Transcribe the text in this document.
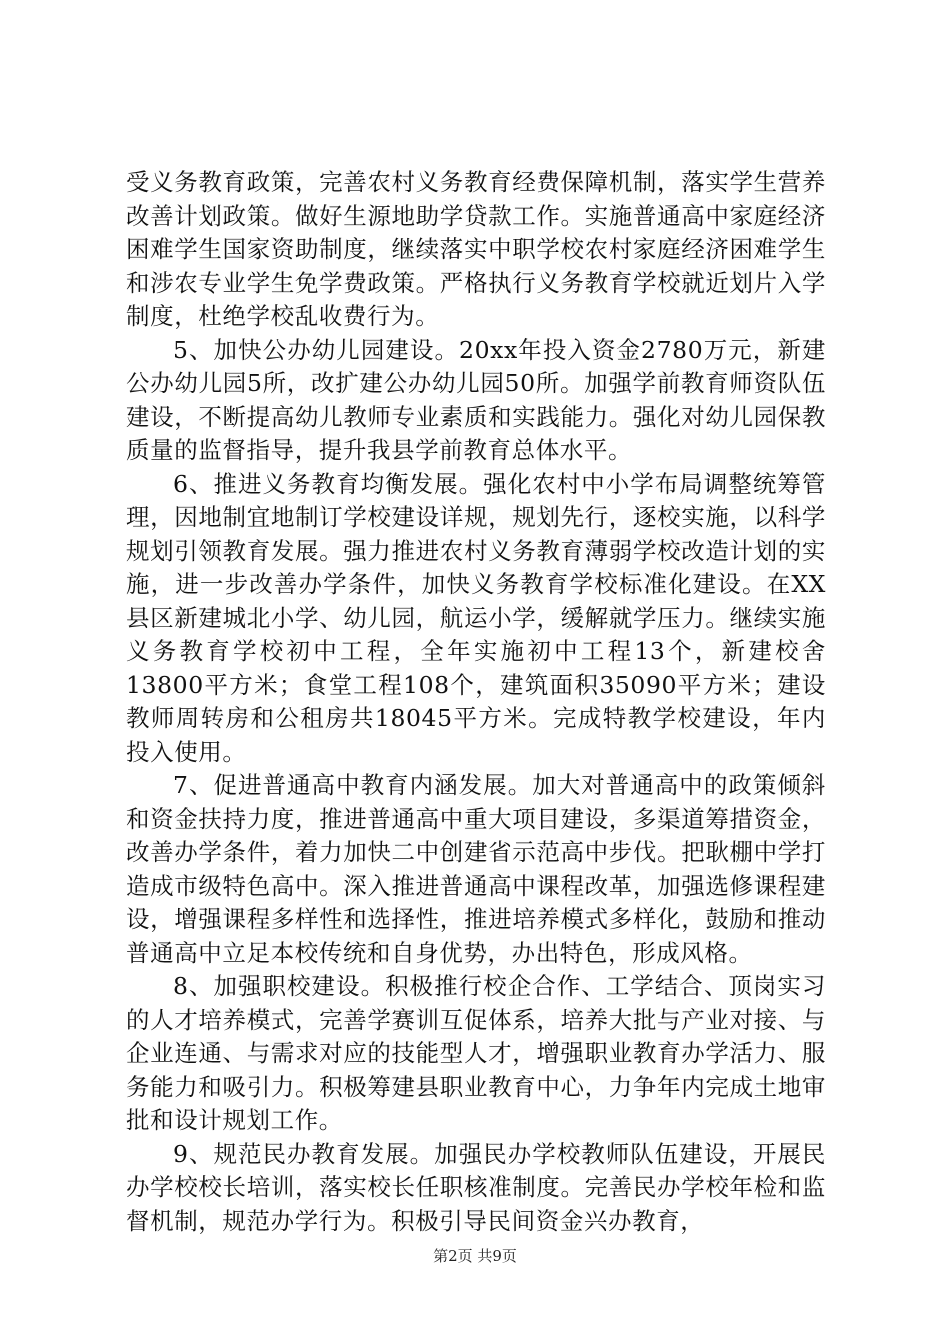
受义务教育政策，完善农村义务教育经费保障机制，落实学生营养改善计划政策。做好生源地助学贷款工作。实施普通高中家庭经济困难学生国家资助制度，继续落实中职学校农村家庭经济困难学生和涉农专业学生免学费政策。严格执行义务教育学校就近划片入学制度，杜绝学校乱收费行为。

5、加快公办幼儿园建设。20xx年投入资金2780万元，新建公办幼儿园5所，改扩建公办幼儿园50所。加强学前教育师资队伍建设，不断提高幼儿教师专业素质和实践能力。强化对幼儿园保教质量的监督指导，提升我县学前教育总体水平。

6、推进义务教育均衡发展。强化农村中小学布局调整统筹管理，因地制宜地制订学校建设详规，规划先行，逐校实施，以科学规划引领教育发展。强力推进农村义务教育薄弱学校改造计划的实施，进一步改善办学条件，加快义务教育学校标准化建设。在XX县区新建城北小学、幼儿园，航运小学，缓解就学压力。继续实施义务教育学校初中工程，全年实施初中工程13个，新建校舍13800平方米；食堂工程108个，建筑面积35090平方米；建设教师周转房和公租房共18045平方米。完成特教学校建设，年内投入使用。

7、促进普通高中教育内涵发展。加大对普通高中的政策倾斜和资金扶持力度，推进普通高中重大项目建设，多渠道筹措资金，改善办学条件，着力加快二中创建省示范高中步伐。把耿棚中学打造成市级特色高中。深入推进普通高中课程改革，加强选修课程建设，增强课程多样性和选择性，推进培养模式多样化，鼓励和推动普通高中立足本校传统和自身优势，办出特色，形成风格。

8、加强职校建设。积极推行校企合作、工学结合、顶岗实习的人才培养模式，完善学赛训互促体系，培养大批与产业对接、与企业连通、与需求对应的技能型人才，增强职业教育办学活力、服务能力和吸引力。积极筹建县职业教育中心，力争年内完成土地审批和设计规划工作。

9、规范民办教育发展。加强民办学校教师队伍建设，开展民办学校校长培训，落实校长任职核准制度。完善民办学校年检和监督机制，规范办学行为。积极引导民间资金兴办教育，

第2页 共9页
